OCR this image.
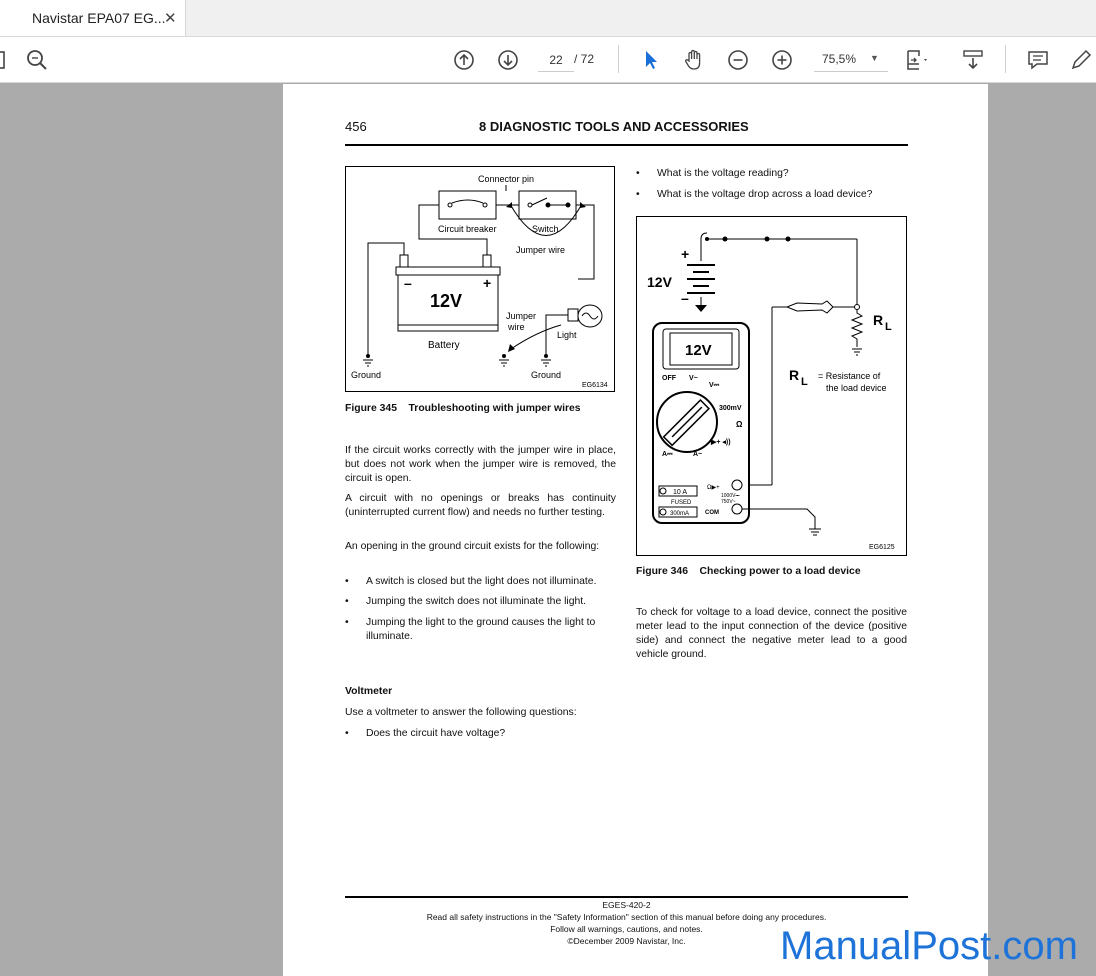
Navistar EPA07 EG...
✕
22
/ 72	75,5% ▼
456	8 DIAGNOSTIC TOOLS AND ACCESSORIES
Connector pin
Circuit breaker	Switch
Jumper wire
–	+
12V
Battery
Ground
Light
Ground
Jumper
wire
EG6134
Figure 345    Troubleshooting with jumper wires

If the circuit works correctly with the jumper wire in place, but does not work when the jumper wire is removed, the circuit is open.

A circuit with no openings or breaks has continuity (uninterrupted current flow) and needs no further testing.

An opening in the ground circuit exists for the following:

• A switch is closed but the light does not illuminate.

• Jumping the switch does not illuminate the light.

• Jumping the light to the ground causes the light to illuminate.

Voltmeter

Use a voltmeter to answer the following questions:

• Does the circuit have voltage?

• What is the voltage reading?

• What is the voltage drop across a load device?

+
–
12V
R L
12V
OFF V~
V⎓
300mV
Ω
▶+ ◂))
A⎓	A~
10 A
FUSED
300mA
Ω▶+
1000V⎓
750V~
COM
R L = Resistance of
the load device
EG6125
Figure 346    Checking power to a load device

To check for voltage to a load device, connect the positive meter lead to the input connection of the device (positive side) and connect the negative meter lead to a good vehicle ground.

EGES-420-2
Read all safety instructions in the "Safety Information" section of this manual before doing any procedures.
Follow all warnings, cautions, and notes.
©December 2009 Navistar, Inc.	ManualPost.com
